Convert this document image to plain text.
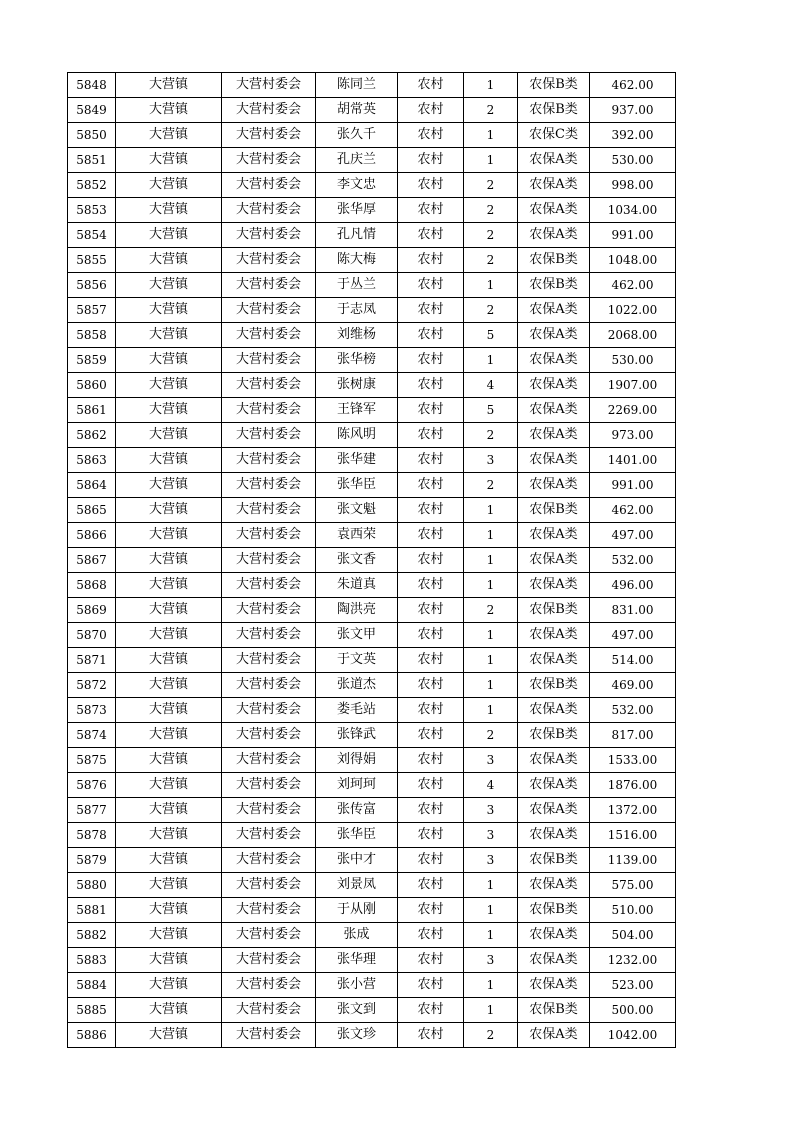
5848	大营镇	大营村委会	陈同兰	农村	1	农保B类	462.00
5849	大营镇	大营村委会	胡常英	农村	2	农保B类	937.00
5850	大营镇	大营村委会	张久千	农村	1	农保C类	392.00
5851	大营镇	大营村委会	孔庆兰	农村	1	农保A类	530.00
5852	大营镇	大营村委会	李文忠	农村	2	农保A类	998.00
5853	大营镇	大营村委会	张华厚	农村	2	农保A类	1034.00
5854	大营镇	大营村委会	孔凡情	农村	2	农保A类	991.00
5855	大营镇	大营村委会	陈大梅	农村	2	农保B类	1048.00
5856	大营镇	大营村委会	于丛兰	农村	1	农保B类	462.00
5857	大营镇	大营村委会	于志凤	农村	2	农保A类	1022.00
5858	大营镇	大营村委会	刘维杨	农村	5	农保A类	2068.00
5859	大营镇	大营村委会	张华榜	农村	1	农保A类	530.00
5860	大营镇	大营村委会	张树康	农村	4	农保A类	1907.00
5861	大营镇	大营村委会	王锋军	农村	5	农保A类	2269.00
5862	大营镇	大营村委会	陈风明	农村	2	农保A类	973.00
5863	大营镇	大营村委会	张华建	农村	3	农保A类	1401.00
5864	大营镇	大营村委会	张华臣	农村	2	农保A类	991.00
5865	大营镇	大营村委会	张文魁	农村	1	农保B类	462.00
5866	大营镇	大营村委会	袁西荣	农村	1	农保A类	497.00
5867	大营镇	大营村委会	张文香	农村	1	农保A类	532.00
5868	大营镇	大营村委会	朱道真	农村	1	农保A类	496.00
5869	大营镇	大营村委会	陶洪亮	农村	2	农保B类	831.00
5870	大营镇	大营村委会	张文甲	农村	1	农保A类	497.00
5871	大营镇	大营村委会	于文英	农村	1	农保A类	514.00
5872	大营镇	大营村委会	张道杰	农村	1	农保B类	469.00
5873	大营镇	大营村委会	娄毛站	农村	1	农保A类	532.00
5874	大营镇	大营村委会	张锋武	农村	2	农保B类	817.00
5875	大营镇	大营村委会	刘得娟	农村	3	农保A类	1533.00
5876	大营镇	大营村委会	刘珂珂	农村	4	农保A类	1876.00
5877	大营镇	大营村委会	张传富	农村	3	农保A类	1372.00
5878	大营镇	大营村委会	张华臣	农村	3	农保A类	1516.00
5879	大营镇	大营村委会	张中才	农村	3	农保B类	1139.00
5880	大营镇	大营村委会	刘景凤	农村	1	农保A类	575.00
5881	大营镇	大营村委会	于从刚	农村	1	农保B类	510.00
5882	大营镇	大营村委会	张成	农村	1	农保A类	504.00
5883	大营镇	大营村委会	张华理	农村	3	农保A类	1232.00
5884	大营镇	大营村委会	张小营	农村	1	农保A类	523.00
5885	大营镇	大营村委会	张文到	农村	1	农保B类	500.00
5886	大营镇	大营村委会	张文珍	农村	2	农保A类	1042.00
